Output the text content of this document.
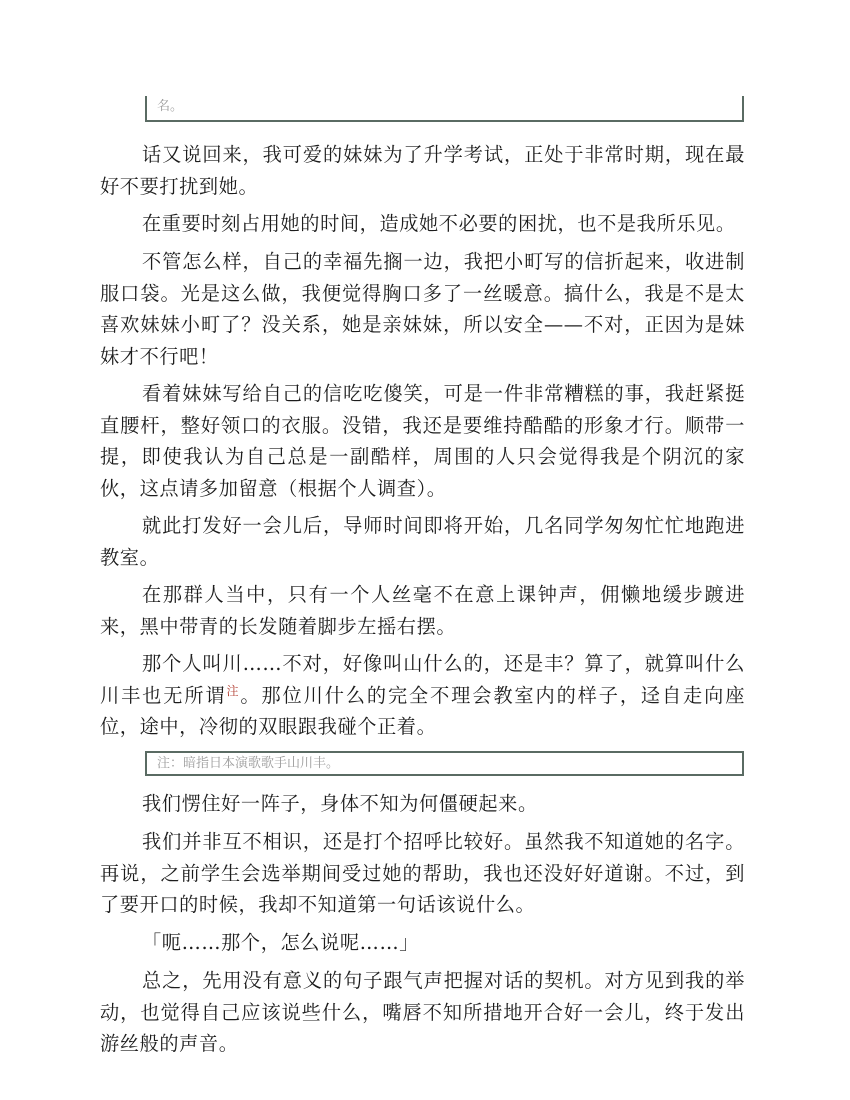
名。

话又说回来，我可爱的妹妹为了升学考试，正处于非常时期，现在最好不要打扰到她。

在重要时刻占用她的时间，造成她不必要的困扰，也不是我所乐见。

不管怎么样，自己的幸福先搁一边，我把小町写的信折起来，收进制服口袋。光是这么做，我便觉得胸口多了一丝暖意。搞什么，我是不是太喜欢妹妹小町了？没关系，她是亲妹妹，所以安全——不对，正因为是妹妹才不行吧！

看着妹妹写给自己的信吃吃傻笑，可是一件非常糟糕的事，我赶紧挺直腰杆，整好领口的衣服。没错，我还是要维持酷酷的形象才行。顺带一提，即使我认为自己总是一副酷样，周围的人只会觉得我是个阴沉的家伙，这点请多加留意（根据个人调查）。

就此打发好一会儿后，导师时间即将开始，几名同学匆匆忙忙地跑进教室。

在那群人当中，只有一个人丝毫不在意上课钟声，佣懒地缓步踱进来，黑中带青的长发随着脚步左摇右摆。

那个人叫川……不对，好像叫山什么的，还是丰？算了，就算叫什么川丰也无所谓$^注$。那位川什么的完全不理会教室内的样子，迳自走向座位，途中，冷彻的双眼跟我碰个正着。

注：暗指日本演歌歌手山川丰。

我们愣住好一阵子，身体不知为何僵硬起来。

我们并非互不相识，还是打个招呼比较好。虽然我不知道她的名字。再说，之前学生会选举期间受过她的帮助，我也还没好好道谢。不过，到了要开口的时候，我却不知道第一句话该说什么。

「呃……那个，怎么说呢……」

总之，先用没有意义的句子跟气声把握对话的契机。对方见到我的举动，也觉得自己应该说些什么，嘴唇不知所措地开合好一会儿，终于发出游丝般的声音。
